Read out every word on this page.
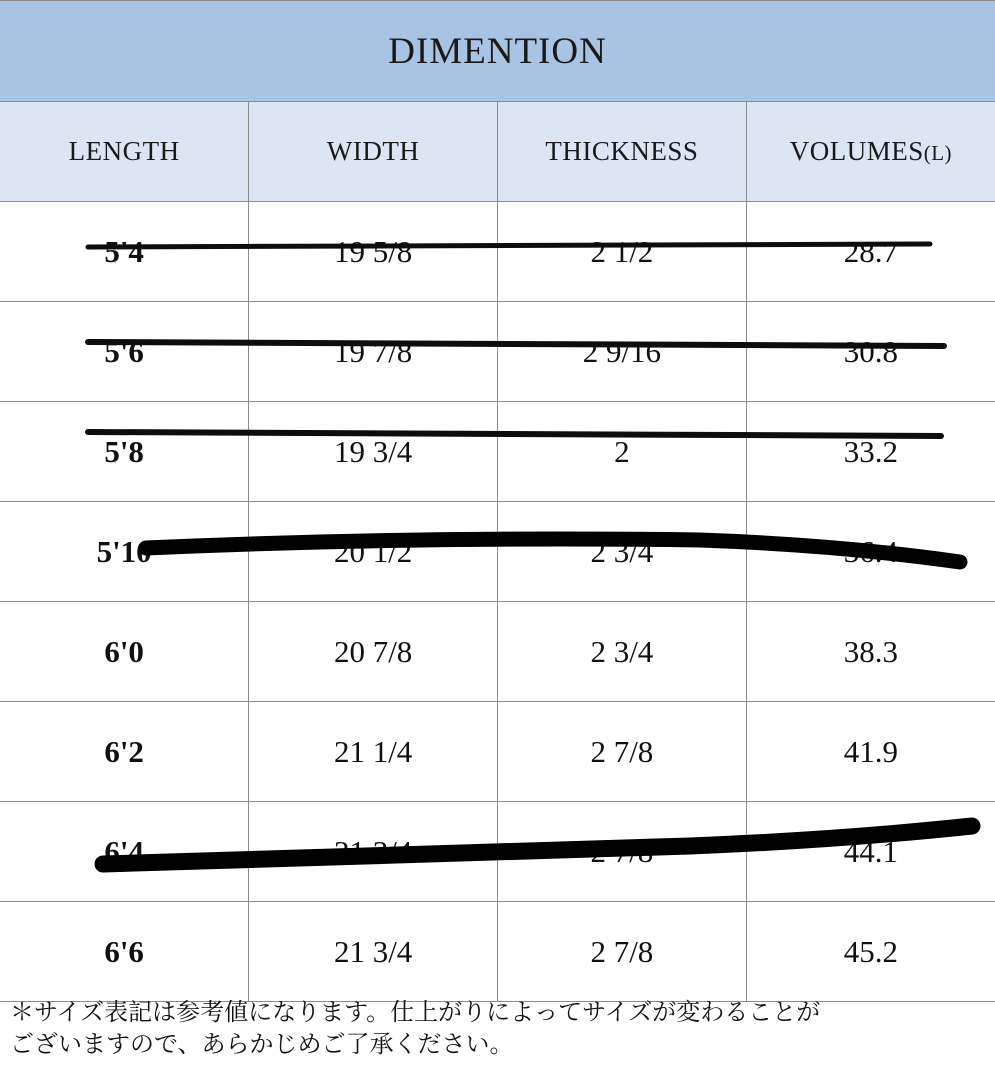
DIMENTION			
LENGTH	WIDTH	THICKNESS	VOLUMES(L)
5'4	19 5/8	2 1/2	28.7
5'6	19 7/8	2 9/16	30.8
5'8	19 3/4	2	33.2
5'10	20 1/2	2 3/4	36.4
6'0	20 7/8	2 3/4	38.3
6'2	21 1/4	2 7/8	41.9
6'4	21 3/4	2 7/8	44.1
6'6	21 3/4	2 7/8	45.2
＊サイズ表記は参考値になります。仕上がりによってサイズが変わることが
ございますので、あらかじめご了承ください。
